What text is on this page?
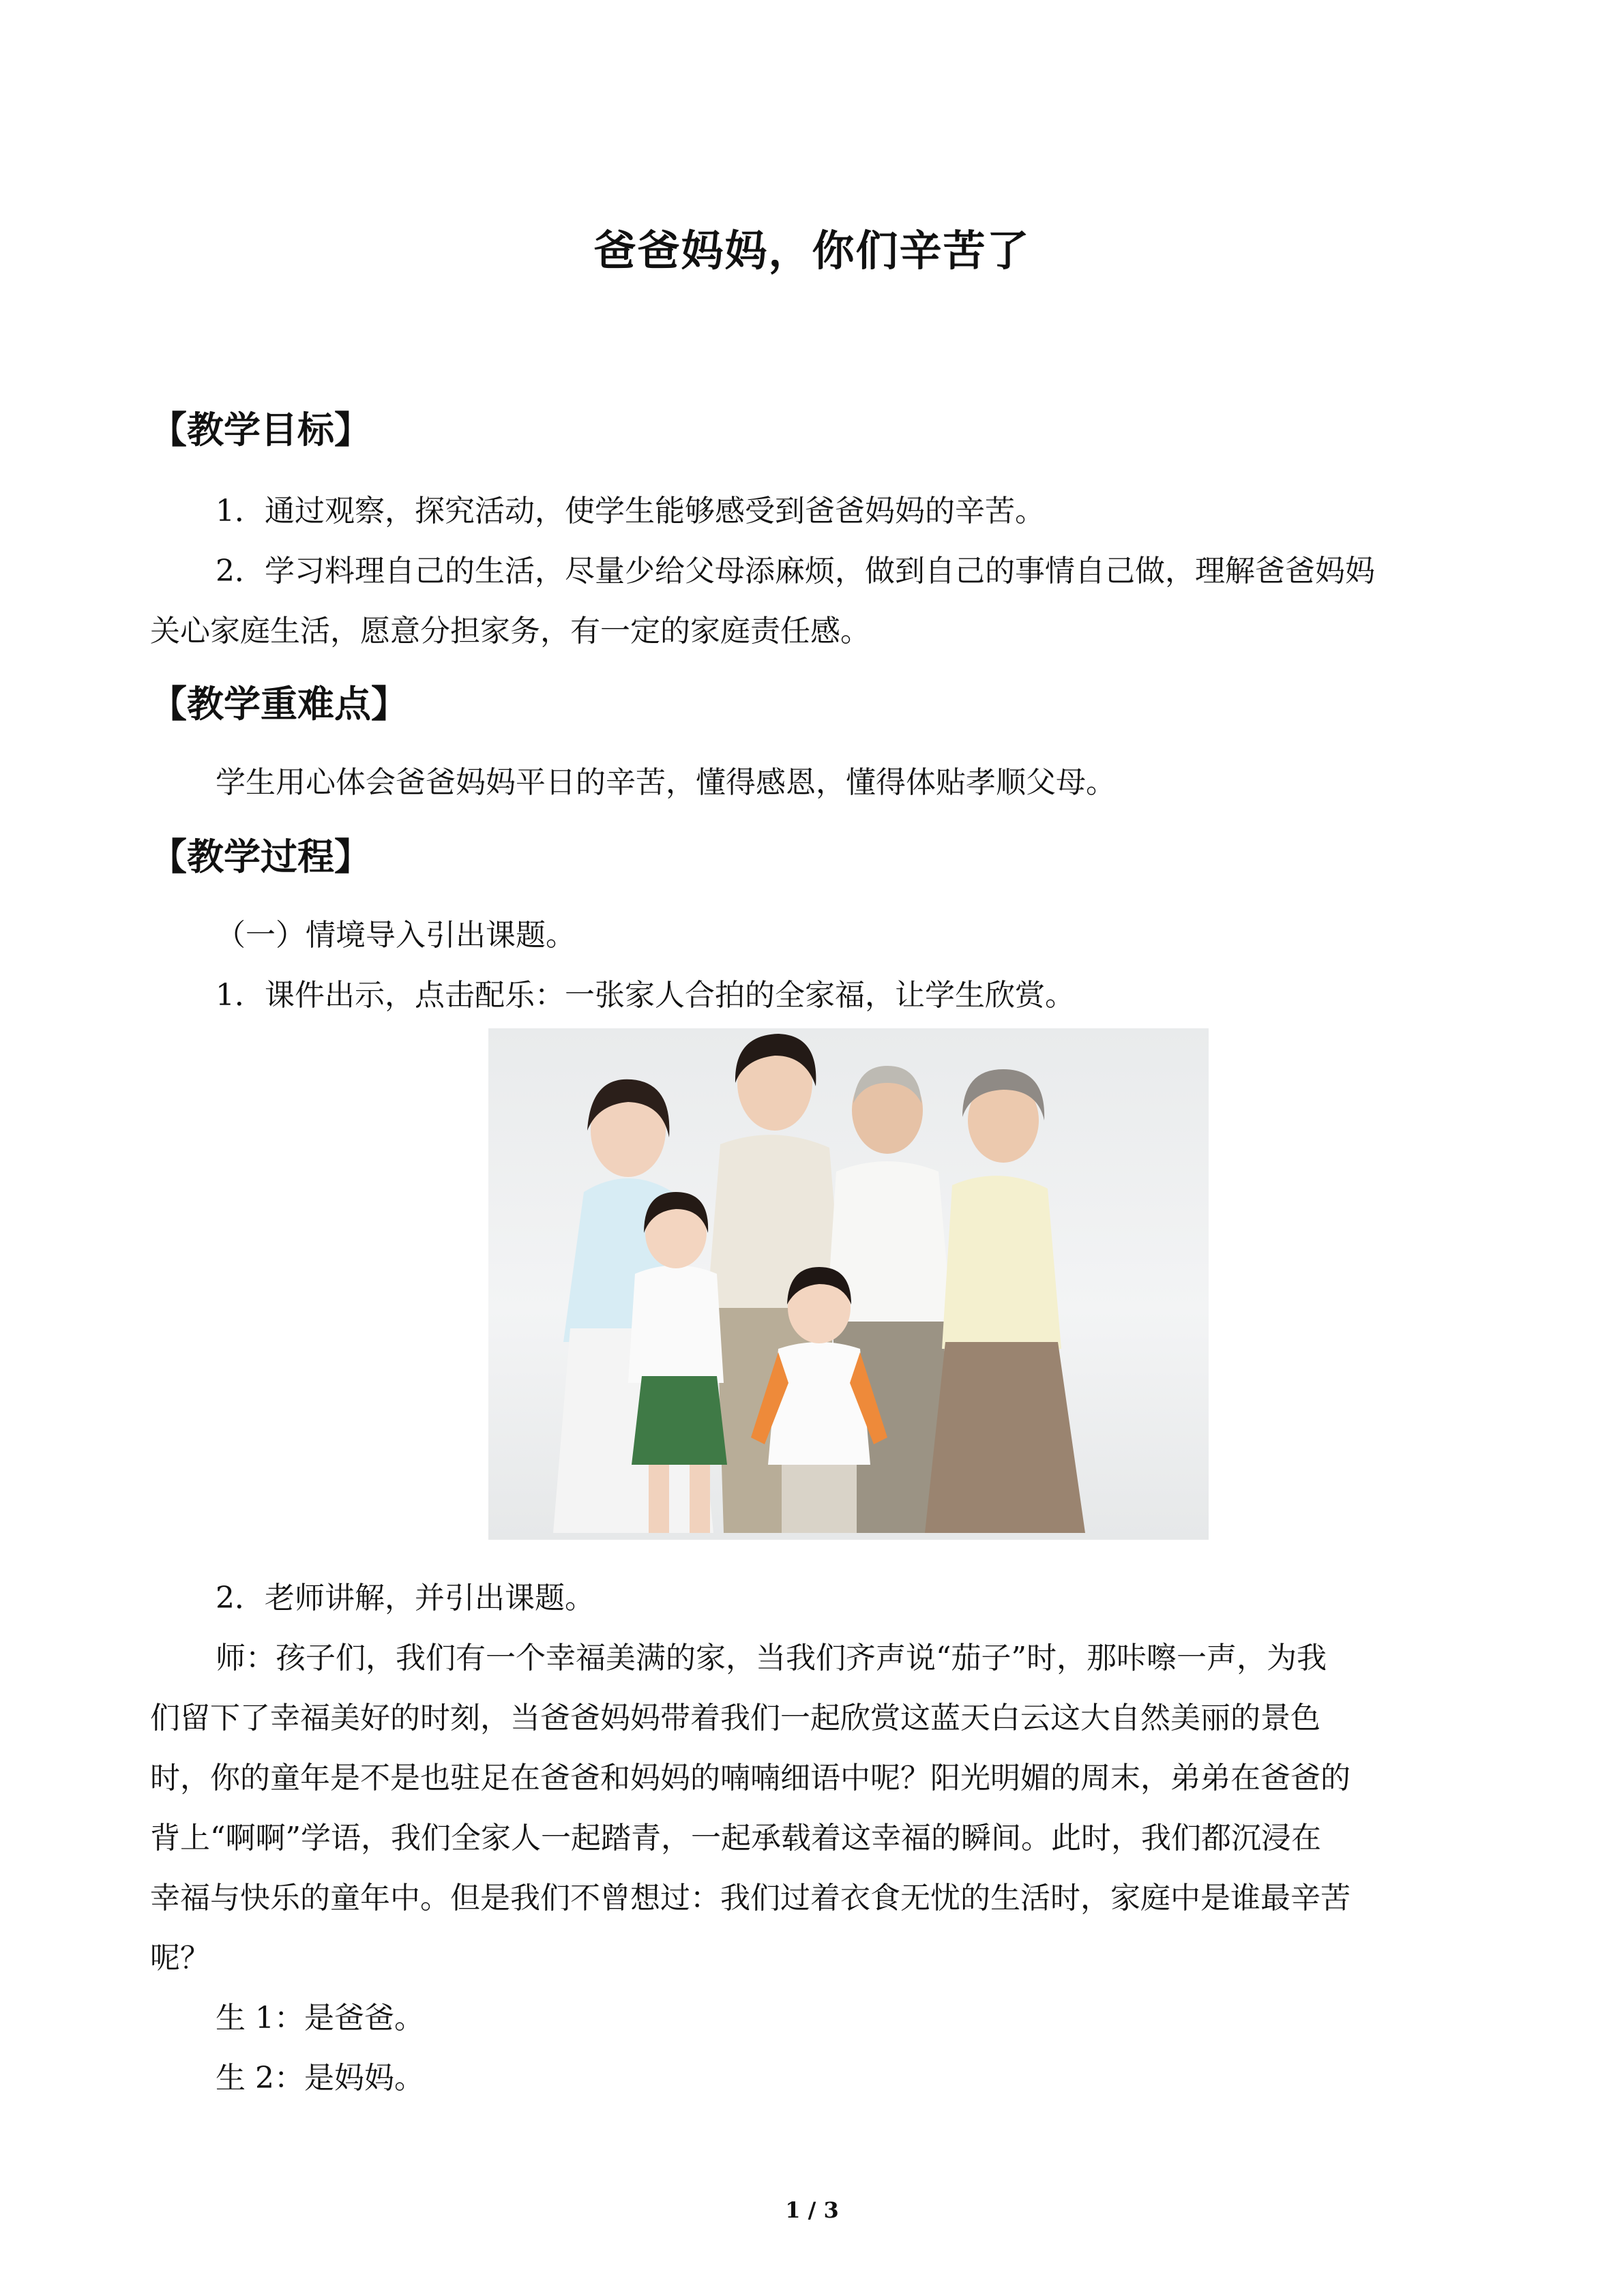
爸爸妈妈，你们辛苦了
【教学目标】

1．通过观察，探究活动，使学生能够感受到爸爸妈妈的辛苦。

2．学习料理自己的生活，尽量少给父母添麻烦，做到自己的事情自己做，理解爸爸妈妈

关心家庭生活，愿意分担家务，有一定的家庭责任感。

【教学重难点】

学生用心体会爸爸妈妈平日的辛苦，懂得感恩，懂得体贴孝顺父母。

【教学过程】

（一）情境导入引出课题。

1．课件出示，点击配乐：一张家人合拍的全家福，让学生欣赏。

2．老师讲解，并引出课题。

师：孩子们，我们有一个幸福美满的家，当我们齐声说“茄子”时，那咔嚓一声，为我

们留下了幸福美好的时刻，当爸爸妈妈带着我们一起欣赏这蓝天白云这大自然美丽的景色

时，你的童年是不是也驻足在爸爸和妈妈的喃喃细语中呢？阳光明媚的周末，弟弟在爸爸的

背上“啊啊”学语，我们全家人一起踏青，一起承载着这幸福的瞬间。此时，我们都沉浸在

幸福与快乐的童年中。但是我们不曾想过：我们过着衣食无忧的生活时，家庭中是谁最辛苦

呢？

生 1：是爸爸。

生 2：是妈妈。

1 / 3
